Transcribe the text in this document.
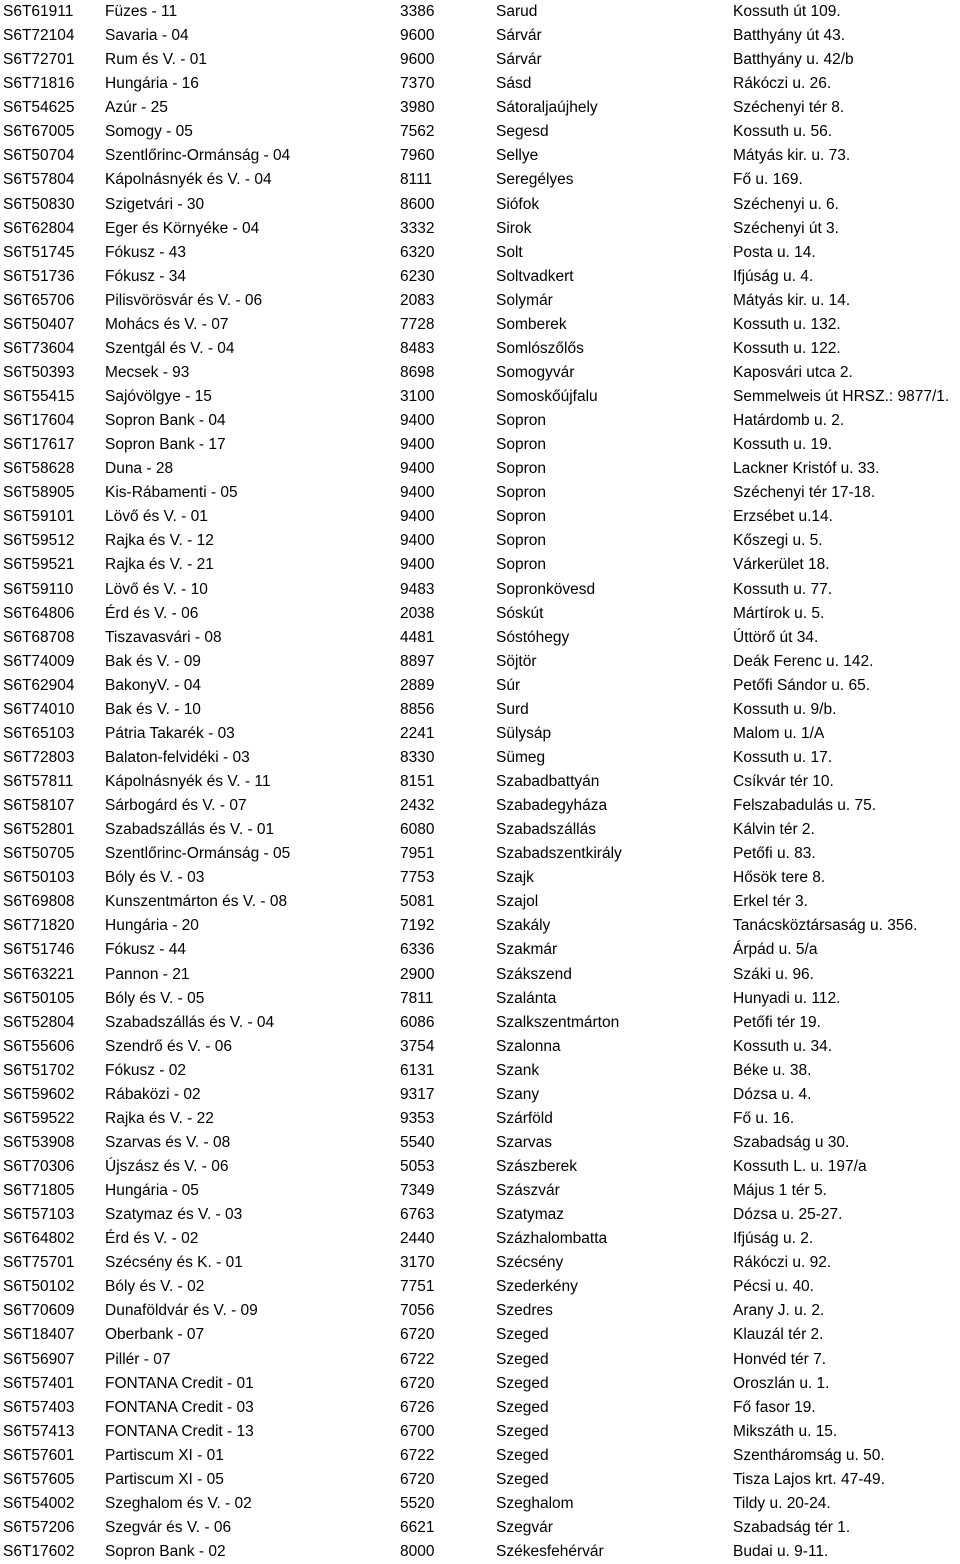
S6T61911 Füzes - 11	3386	Sarud	Kossuth út 109.
S6T72104 Savaria - 04	9600	Sárvár	Batthyány út 43.
S6T72701 Rum és V. - 01	9600	Sárvár	Batthyány u. 42/b
S6T71816 Hungária - 16	7370	Sásd	Rákóczi u. 26.
S6T54625 Azúr - 25	3980	Sátoraljaújhely	Széchenyi tér 8.
S6T67005 Somogy - 05	7562	Segesd	Kossuth u. 56.
S6T50704 Szentlőrinc-Ormánság - 04	7960	Sellye	Mátyás kir. u. 73.
S6T57804 Kápolnásnyék és V. - 04	8111	Seregélyes	Fő u. 169.
S6T50830 Szigetvári - 30	8600	Siófok	Széchenyi u. 6.
S6T62804 Eger és Környéke - 04	3332	Sirok	Széchenyi út 3.
S6T51745 Fókusz - 43	6320	Solt	Posta u. 14.
S6T51736 Fókusz - 34	6230	Soltvadkert	Ifjúság u. 4.
S6T65706 Pilisvörösvár és V. - 06	2083	Solymár	Mátyás kir. u. 14.
S6T50407 Mohács és V. - 07	7728	Somberek	Kossuth u. 132.
S6T73604 Szentgál és V. - 04	8483	Somlószőlős	Kossuth u. 122.
S6T50393 Mecsek - 93	8698	Somogyvár	Kaposvári utca 2.
S6T55415 Sajóvölgye - 15	3100	Somoskőújfalu	Semmelweis út HRSZ.: 9877/1.
S6T17604 Sopron Bank - 04	9400	Sopron	Határdomb u. 2.
S6T17617 Sopron Bank - 17	9400	Sopron	Kossuth u. 19.
S6T58628 Duna - 28	9400	Sopron	Lackner Kristóf u. 33.
S6T58905 Kis-Rábamenti - 05	9400	Sopron	Széchenyi tér 17-18.
S6T59101 Lövő és V. - 01	9400	Sopron	Erzsébet u.14.
S6T59512 Rajka és V. - 12	9400	Sopron	Kőszegi u. 5.
S6T59521 Rajka és V. - 21	9400	Sopron	Várkerület 18.
S6T59110 Lövő és V. - 10	9483	Sopronkövesd	Kossuth u. 77.
S6T64806 Érd és V. - 06	2038	Sóskút	Mártírok u. 5.
S6T68708 Tiszavasvári - 08	4481	Sóstóhegy	Úttörő út 34.
S6T74009 Bak és V. - 09	8897	Söjtör	Deák Ferenc u. 142.
S6T62904 BakonyV. - 04	2889	Súr	Petőfi Sándor u. 65.
S6T74010 Bak és V. - 10	8856	Surd	Kossuth u. 9/b.
S6T65103 Pátria Takarék - 03	2241	Sülysáp	Malom u. 1/A
S6T72803 Balaton-felvidéki - 03	8330	Sümeg	Kossuth u. 17.
S6T57811 Kápolnásnyék és V. - 11	8151	Szabadbattyán	Csíkvár tér 10.
S6T58107 Sárbogárd és V. - 07	2432	Szabadegyháza	Felszabadulás u. 75.
S6T52801 Szabadszállás és V. - 01	6080	Szabadszállás	Kálvin tér 2.
S6T50705 Szentlőrinc-Ormánság - 05	7951	Szabadszentkirály	Petőfi u. 83.
S6T50103 Bóly és V. - 03	7753	Szajk	Hősök tere 8.
S6T69808 Kunszentmárton és V. - 08	5081	Szajol	Erkel tér 3.
S6T71820 Hungária - 20	7192	Szakály	Tanácsköztársaság u. 356.
S6T51746 Fókusz - 44	6336	Szakmár	Árpád u. 5/a
S6T63221 Pannon - 21	2900	Szákszend	Száki u. 96.
S6T50105 Bóly és V. - 05	7811	Szalánta	Hunyadi u. 112.
S6T52804 Szabadszállás és V. - 04	6086	Szalkszentmárton	Petőfi tér 19.
S6T55606 Szendrő és V. - 06	3754	Szalonna	Kossuth u. 34.
S6T51702 Fókusz - 02	6131	Szank	Béke u. 38.
S6T59602 Rábaközi - 02	9317	Szany	Dózsa u. 4.
S6T59522 Rajka és V. - 22	9353	Szárföld	Fő u. 16.
S6T53908 Szarvas és V. - 08	5540	Szarvas	Szabadság u 30.
S6T70306 Újszász és V. - 06	5053	Szászberek	Kossuth L. u. 197/a
S6T71805 Hungária - 05	7349	Szászvár	Május 1 tér 5.
S6T57103 Szatymaz és V. - 03	6763	Szatymaz	Dózsa u. 25-27.
S6T64802 Érd és V. - 02	2440	Százhalombatta	Ifjúság u. 2.
S6T75701 Szécsény és K. - 01	3170	Szécsény	Rákóczi u. 92.
S6T50102 Bóly és V. - 02	7751	Szederkény	Pécsi u. 40.
S6T70609 Dunaföldvár és V. - 09	7056	Szedres	Arany J. u. 2.
S6T18407 Oberbank - 07	6720	Szeged	Klauzál tér 2.
S6T56907 Pillér - 07	6722	Szeged	Honvéd tér 7.
S6T57401 FONTANA Credit - 01	6720	Szeged	Oroszlán u. 1.
S6T57403 FONTANA Credit - 03	6726	Szeged	Fő fasor 19.
S6T57413 FONTANA Credit - 13	6700	Szeged	Mikszáth u. 15.
S6T57601 Partiscum XI - 01	6722	Szeged	Szentháromság u. 50.
S6T57605 Partiscum XI - 05	6720	Szeged	Tisza Lajos krt. 47-49.
S6T54002 Szeghalom és V. - 02	5520	Szeghalom	Tildy u. 20-24.
S6T57206 Szegvár és V. - 06	6621	Szegvár	Szabadság tér 1.
S6T17602 Sopron Bank - 02	8000	Székesfehérvár	Budai u. 9-11.
